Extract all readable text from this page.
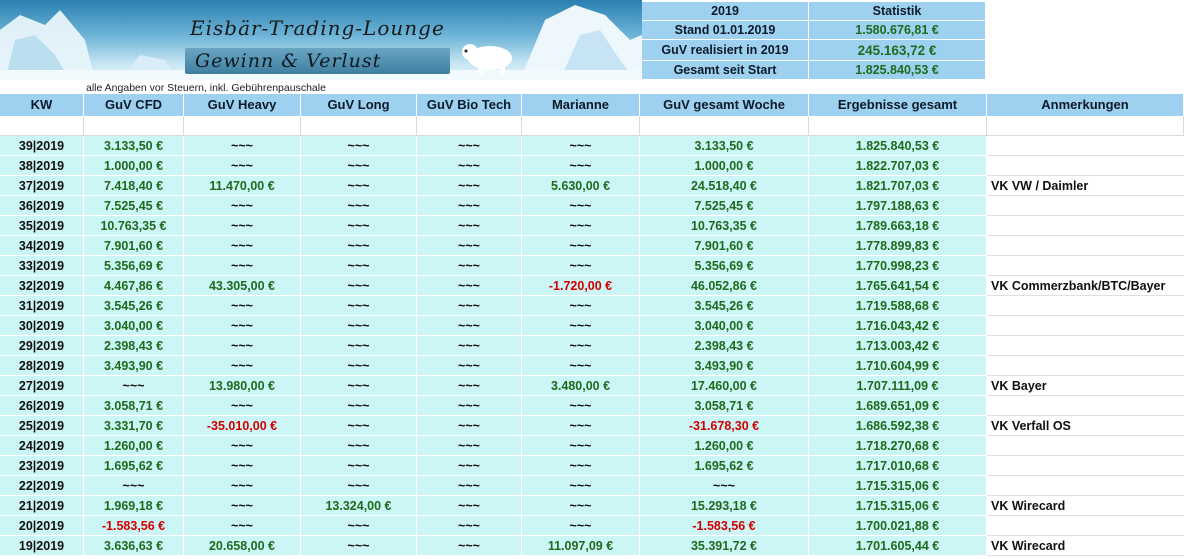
Eisbär-Trading-Lounge
Gewinn & Verlust
alle Angaben vor Steuern, inkl. Gebührenpauschale
2019	Statistik
Stand 01.01.2019	1.580.676,81 €
GuV realisiert in 2019	245.163,72 €
Gesamt seit Start	1.825.840,53 €
KW	GuV CFD	GuV Heavy	GuV Long	GuV Bio Tech	Marianne	GuV gesamt Woche	Ergebnisse gesamt	Anmerkungen
39|2019	3.133,50 €	~~~	~~~	~~~	~~~	3.133,50 €	1.825.840,53 €
38|2019	1.000,00 €	~~~	~~~	~~~	~~~	1.000,00 €	1.822.707,03 €
37|2019	7.418,40 €	11.470,00 €	~~~	~~~	5.630,00 €	24.518,40 €	1.821.707,03 €	VK VW / Daimler
36|2019	7.525,45 €	~~~	~~~	~~~	~~~	7.525,45 €	1.797.188,63 €
35|2019	10.763,35 €	~~~	~~~	~~~	~~~	10.763,35 €	1.789.663,18 €
34|2019	7.901,60 €	~~~	~~~	~~~	~~~	7.901,60 €	1.778.899,83 €
33|2019	5.356,69 €	~~~	~~~	~~~	~~~	5.356,69 €	1.770.998,23 €
32|2019	4.467,86 €	43.305,00 €	~~~	~~~	-1.720,00 €	46.052,86 €	1.765.641,54 €	VK Commerzbank/BTC/Bayer
31|2019	3.545,26 €	~~~	~~~	~~~	~~~	3.545,26 €	1.719.588,68 €
30|2019	3.040,00 €	~~~	~~~	~~~	~~~	3.040,00 €	1.716.043,42 €
29|2019	2.398,43 €	~~~	~~~	~~~	~~~	2.398,43 €	1.713.003,42 €
28|2019	3.493,90 €	~~~	~~~	~~~	~~~	3.493,90 €	1.710.604,99 €
27|2019	~~~	13.980,00 €	~~~	~~~	3.480,00 €	17.460,00 €	1.707.111,09 €	VK Bayer
26|2019	3.058,71 €	~~~	~~~	~~~	~~~	3.058,71 €	1.689.651,09 €
25|2019	3.331,70 €	-35.010,00 €	~~~	~~~	~~~	-31.678,30 €	1.686.592,38 €	VK Verfall OS
24|2019	1.260,00 €	~~~	~~~	~~~	~~~	1.260,00 €	1.718.270,68 €
23|2019	1.695,62 €	~~~	~~~	~~~	~~~	1.695,62 €	1.717.010,68 €
22|2019	~~~	~~~	~~~	~~~	~~~	~~~	1.715.315,06 €
21|2019	1.969,18 €	~~~	13.324,00 €	~~~	~~~	15.293,18 €	1.715.315,06 €	VK Wirecard
20|2019	-1.583,56 €	~~~	~~~	~~~	~~~	-1.583,56 €	1.700.021,88 €
19|2019	3.636,63 €	20.658,00 €	~~~	~~~	11.097,09 €	35.391,72 €	1.701.605,44 €	VK Wirecard
